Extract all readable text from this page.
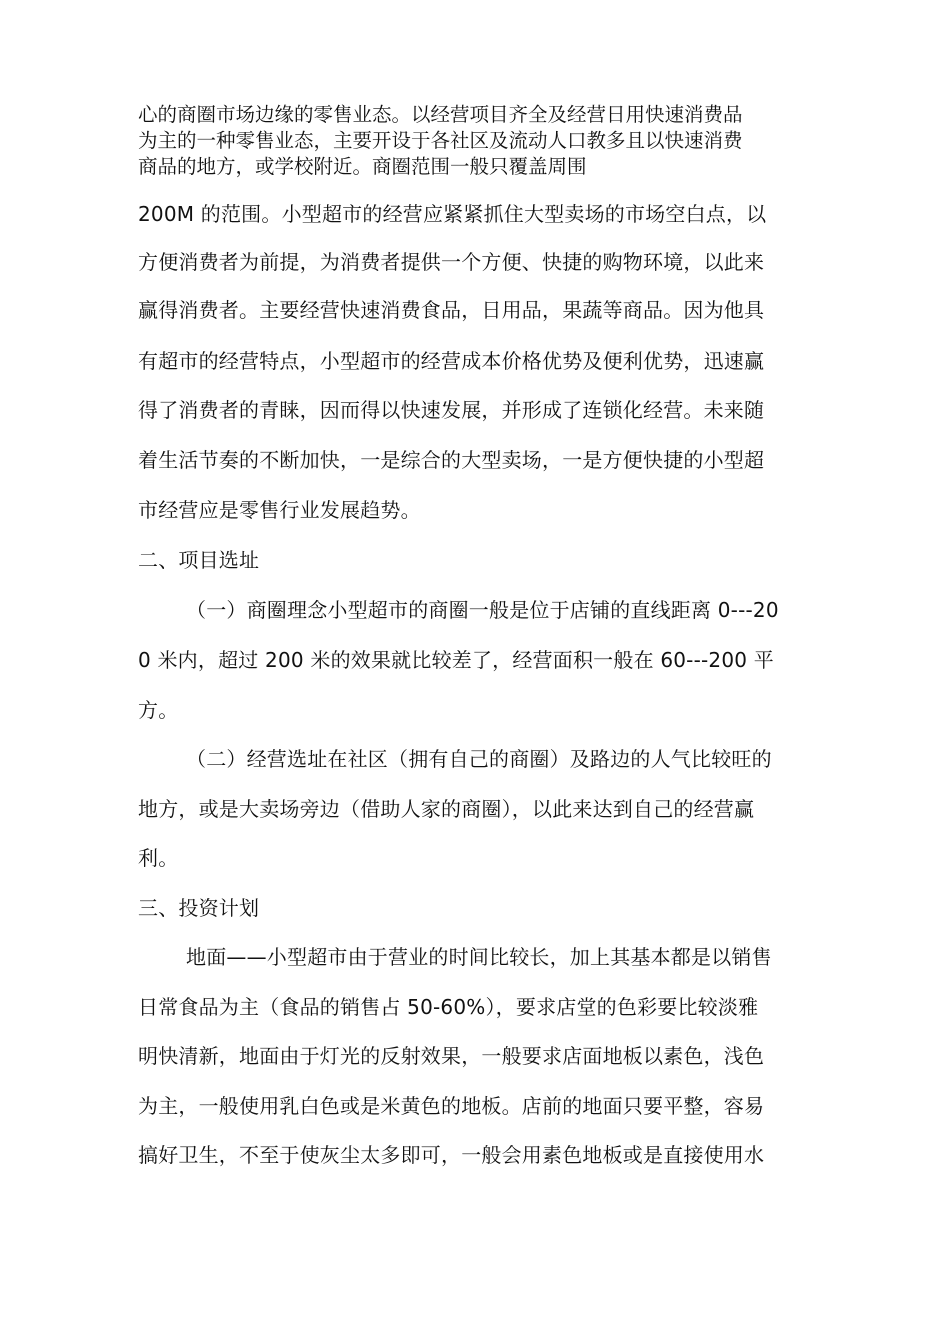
心的商圈市场边缘的零售业态。以经营项目齐全及经营日用快速消费品
为主的一种零售业态，主要开设于各社区及流动人口教多且以快速消费
商品的地方，或学校附近。商圈范围一般只覆盖周围
200M 的范围。小型超市的经营应紧紧抓住大型卖场的市场空白点，以
方便消费者为前提，为消费者提供一个方便、快捷的购物环境，以此来
赢得消费者。主要经营快速消费食品，日用品，果蔬等商品。因为他具
有超市的经营特点，小型超市的经营成本价格优势及便利优势，迅速赢
得了消费者的青睐，因而得以快速发展，并形成了连锁化经营。未来随
着生活节奏的不断加快，一是综合的大型卖场，一是方便快捷的小型超
市经营应是零售行业发展趋势。
二、项目选址
（一）商圈理念小型超市的商圈一般是位于店铺的直线距离 0---20
0 米内，超过 200 米的效果就比较差了，经营面积一般在 60---200 平
方。
（二）经营选址在社区（拥有自己的商圈）及路边的人气比较旺的
地方，或是大卖场旁边（借助人家的商圈），以此来达到自己的经营赢
利。
三、投资计划
地面——小型超市由于营业的时间比较长，加上其基本都是以销售
日常食品为主（食品的销售占 50-60%），要求店堂的色彩要比较淡雅
明快清新，地面由于灯光的反射效果，一般要求店面地板以素色，浅色
为主，一般使用乳白色或是米黄色的地板。店前的地面只要平整，容易
搞好卫生，不至于使灰尘太多即可，一般会用素色地板或是直接使用水
